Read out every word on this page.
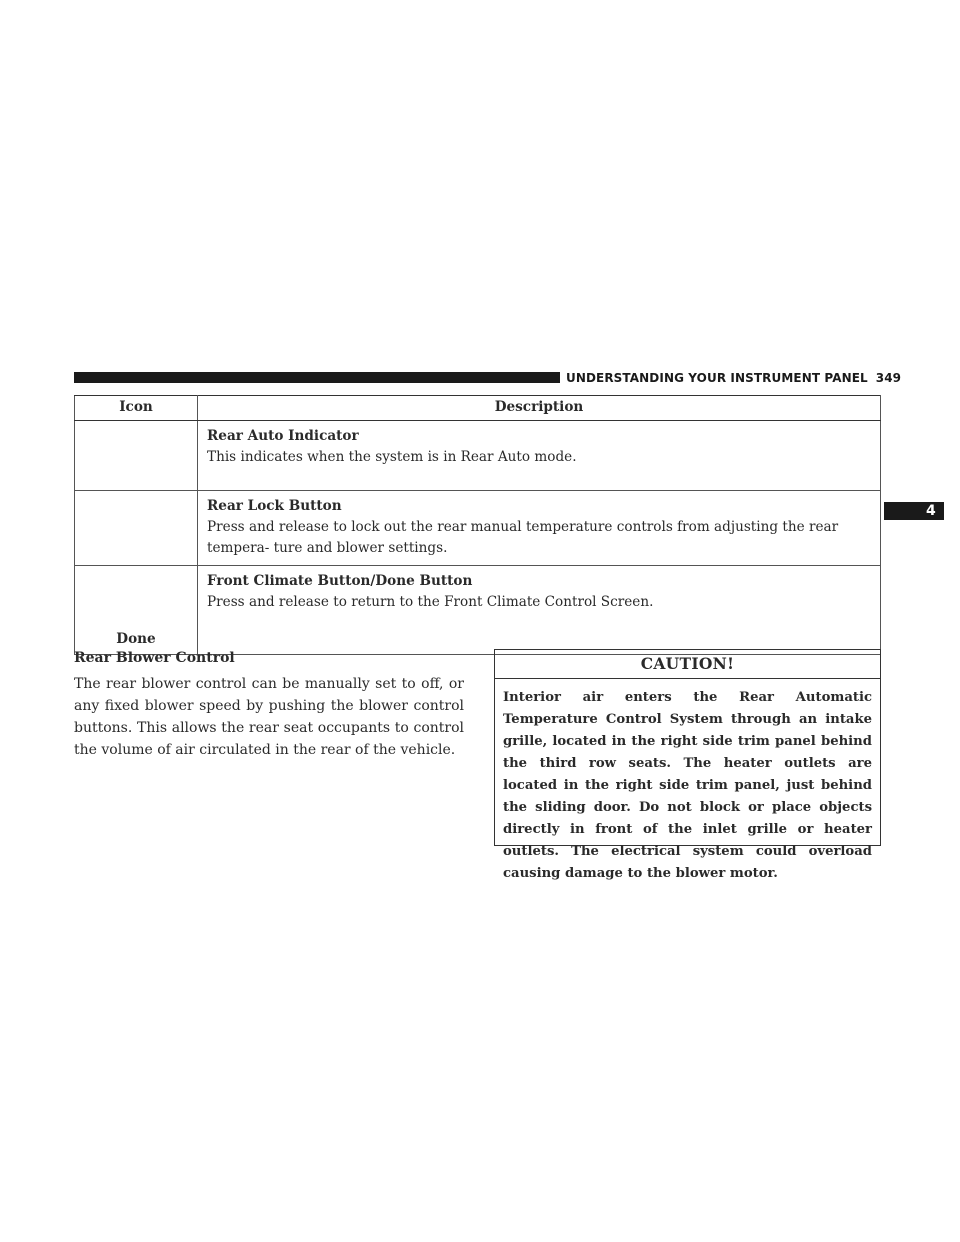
UNDERSTANDING YOUR INSTRUMENT PANEL 349
4
Icon	Description

	Rear Auto Indicator
This indicates when the system is in Rear Auto mode.

	Rear Lock Button
Press and release to lock out the rear manual temperature controls from adjusting the rear tempera- ture and blower settings.

Done	Front Climate Button/Done Button
Press and release to return to the Front Climate Control Screen.
Rear Blower Control
The rear blower control can be manually set to off, or any fixed blower speed by pushing the blower control buttons. This allows the rear seat occupants to control the volume of air circulated in the rear of the vehicle.
CAUTION!
Interior air enters the Rear Automatic Temperature Control System through an intake grille, located in the right side trim panel behind the third row seats. The heater outlets are located in the right side trim panel, just behind the sliding door. Do not block or place objects directly in front of the inlet grille or heater outlets. The electrical system could overload causing damage to the blower motor.
